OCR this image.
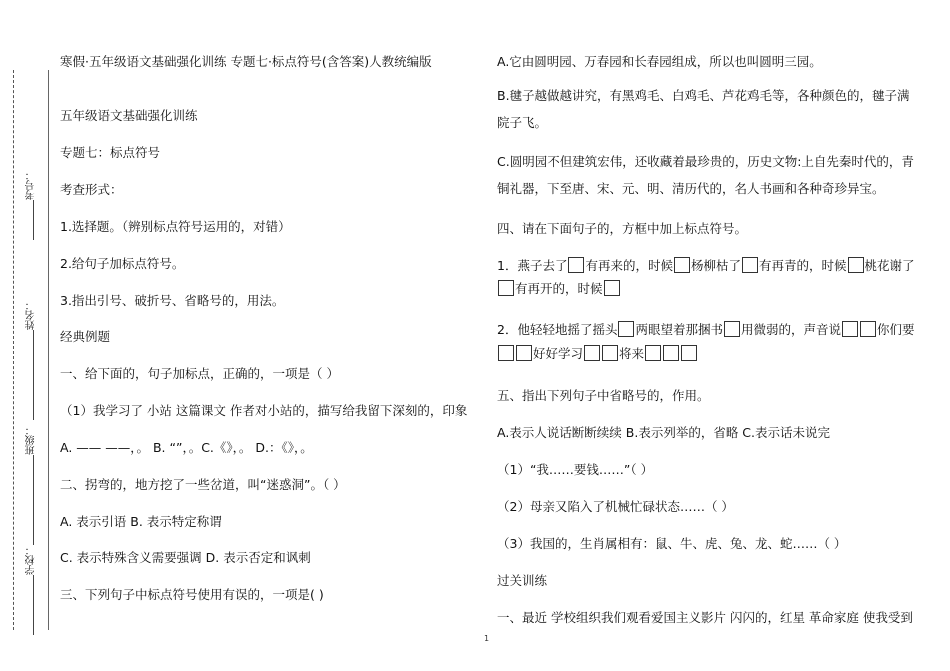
考号：
姓名：
班级：
学校：
寒假·五年级语文基础强化训练 专题七·标点符号(含答案)人教统编版
五年级语文基础强化训练
专题七：标点符号
考查形式：
1.选择题。（辨别标点符号运用的，对错）
2.给句子加标点符号。
3.指出引号、破折号、省略号的，用法。
经典例题
一、给下面的，句子加标点，正确的，一项是（ ）
（1）我学习了 小站 这篇课文 作者对小站的，描写给我留下深刻的，印象
A. —— ——，。 B. “”，。C.《》，。 D.：《》，。
二、拐弯的，地方挖了一些岔道，叫“迷惑洞”。（ ）
A. 表示引语 B. 表示特定称谓
C. 表示特殊含义需要强调 D. 表示否定和讽刺
三、下列句子中标点符号使用有误的，一项是( )
A.它由圆明园、万春园和长春园组成，所以也叫圆明三园。
B.毽子越做越讲究，有黑鸡毛、白鸡毛、芦花鸡毛等，各种颜色的，毽子满院子飞。
C.圆明园不但建筑宏伟，还收藏着最珍贵的，历史文物:上自先秦时代的，青铜礼器，下至唐、宋、元、明、清历代的，名人书画和各种奇珍异宝。
四、请在下面句子的，方框中加上标点符号。
1．燕子去了 有再来的，时候 杨柳枯了 有再青的，时候 桃花谢了
有再开的，时候
2．他轻轻地摇了摇头 两眼望着那捆书 用微弱的，声音说	你们要
好好学习	将来
五、指出下列句子中省略号的，作用。
A.表示人说话断断续续 B.表示列举的，省略 C.表示话未说完
（1）“我……要钱……”（ ）
（2）母亲又陷入了机械忙碌状态……（ ）
（3）我国的，生肖属相有：鼠、牛、虎、兔、龙、蛇……（ ）
过关训练
一、最近 学校组织我们观看爱国主义影片 闪闪的，红星 革命家庭 使我受到
1
